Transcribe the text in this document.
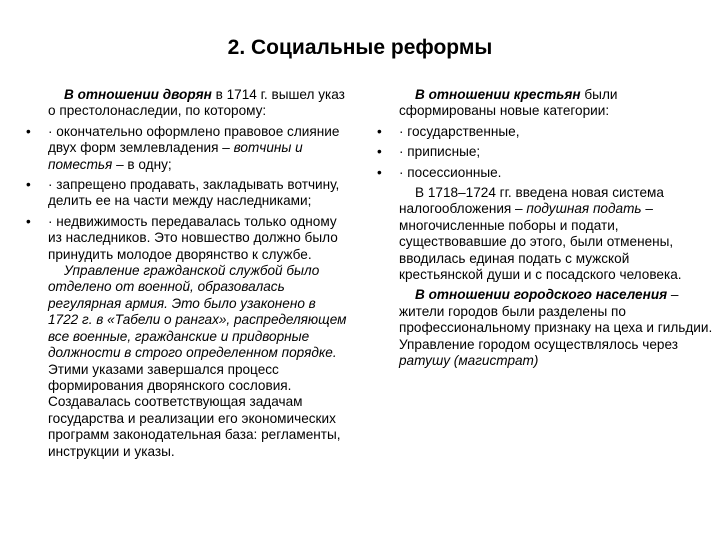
2. Социальные реформы

В отношении дворян в 1714 г. вышел указ о престолонаследии, по которому:

• · окончательно оформлено правовое слияние двух форм землевладения – вотчины и поместья – в одну;
• · запрещено продавать, закладывать вотчину, делить ее на части между наследниками;
• · недвижимость передавалась только одному из наследников. Это новшество должно было принудить молодое дворянство к службе.

Управление гражданской службой было отделено от военной, образовалась регулярная армия. Это было узаконено в 1722 г. в «Табели о рангах», распределяющем все военные, гражданские и придворные должности в строго определенном порядке. Этими указами завершался процесс формирования дворянского сословия. Создавалась соответствующая задачам государства и реализации его экономических программ законодательная база: регламенты, инструкции и указы.

В отношении крестьян были сформированы новые категории:

• · государственные,
• · приписные;
• · посессионные.

В 1718–1724 гг. введена новая система налогообложения – подушная подать – многочисленные поборы и подати, существовавшие до этого, были отменены, вводилась единая подать с мужской крестьянской души и с посадского человека.

В отношении городского населения – жители городов были разделены по профессиональному признаку на цеха и гильдии. Управление городом осуществлялось через ратушу (магистрат)
